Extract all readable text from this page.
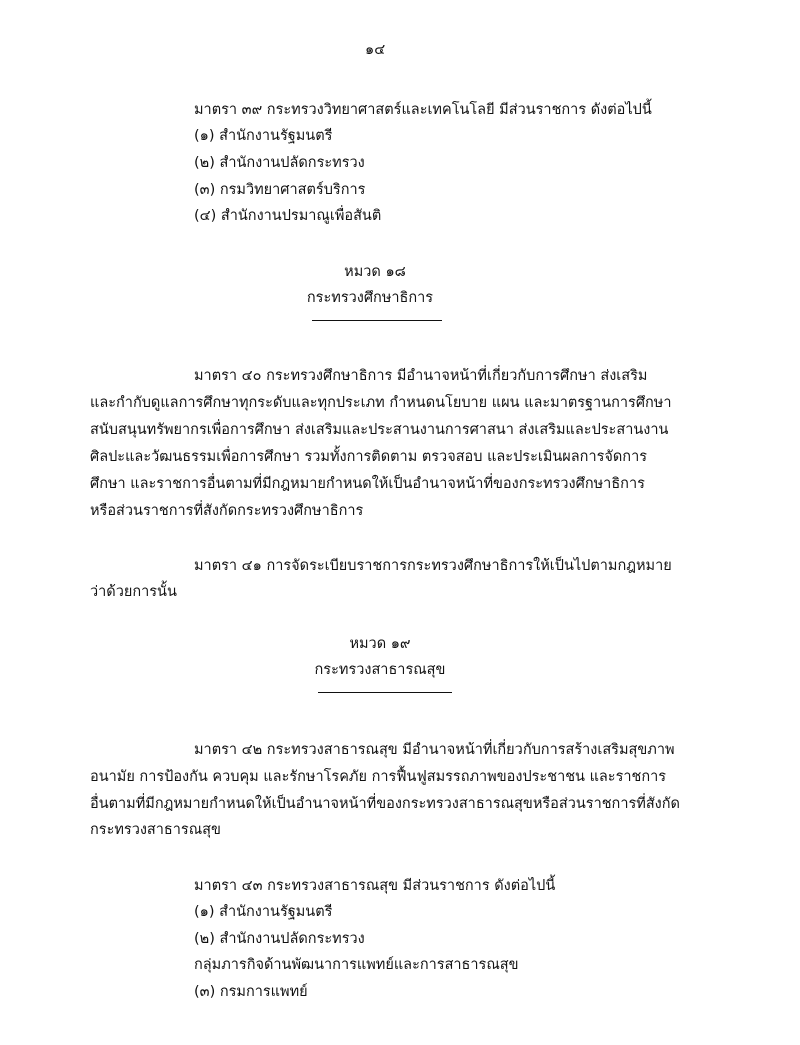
๑๔
มาตรา ๓๙ กระทรวงวิทยาศาสตร์และเทคโนโลยี มีส่วนราชการ ดังต่อไปนี้
(๑) สำนักงานรัฐมนตรี
(๒) สำนักงานปลัดกระทรวง
(๓) กรมวิทยาศาสตร์บริการ
(๔) สำนักงานปรมาณูเพื่อสันติ
หมวด ๑๘
กระทรวงศึกษาธิการ
มาตรา ๔๐ กระทรวงศึกษาธิการ มีอำนาจหน้าที่เกี่ยวกับการศึกษา ส่งเสริม
และกำกับดูแลการศึกษาทุกระดับและทุกประเภท กำหนดนโยบาย แผน และมาตรฐานการศึกษา
สนับสนุนทรัพยากรเพื่อการศึกษา ส่งเสริมและประสานงานการศาสนา ส่งเสริมและประสานงาน
ศิลปะและวัฒนธรรมเพื่อการศึกษา รวมทั้งการติดตาม ตรวจสอบ และประเมินผลการจัดการ
ศึกษา และราชการอื่นตามที่มีกฎหมายกำหนดให้เป็นอำนาจหน้าที่ของกระทรวงศึกษาธิการ
หรือส่วนราชการที่สังกัดกระทรวงศึกษาธิการ
มาตรา ๔๑ การจัดระเบียบราชการกระทรวงศึกษาธิการให้เป็นไปตามกฎหมาย
ว่าด้วยการนั้น
หมวด ๑๙
กระทรวงสาธารณสุข
มาตรา ๔๒ กระทรวงสาธารณสุข มีอำนาจหน้าที่เกี่ยวกับการสร้างเสริมสุขภาพ
อนามัย การป้องกัน ควบคุม และรักษาโรคภัย การฟื้นฟูสมรรถภาพของประชาชน และราชการ
อื่นตามที่มีกฎหมายกำหนดให้เป็นอำนาจหน้าที่ของกระทรวงสาธารณสุขหรือส่วนราชการที่สังกัด
กระทรวงสาธารณสุข
มาตรา ๔๓ กระทรวงสาธารณสุข มีส่วนราชการ ดังต่อไปนี้
(๑) สำนักงานรัฐมนตรี
(๒) สำนักงานปลัดกระทรวง
กลุ่มภารกิจด้านพัฒนาการแพทย์และการสาธารณสุข
(๓) กรมการแพทย์
